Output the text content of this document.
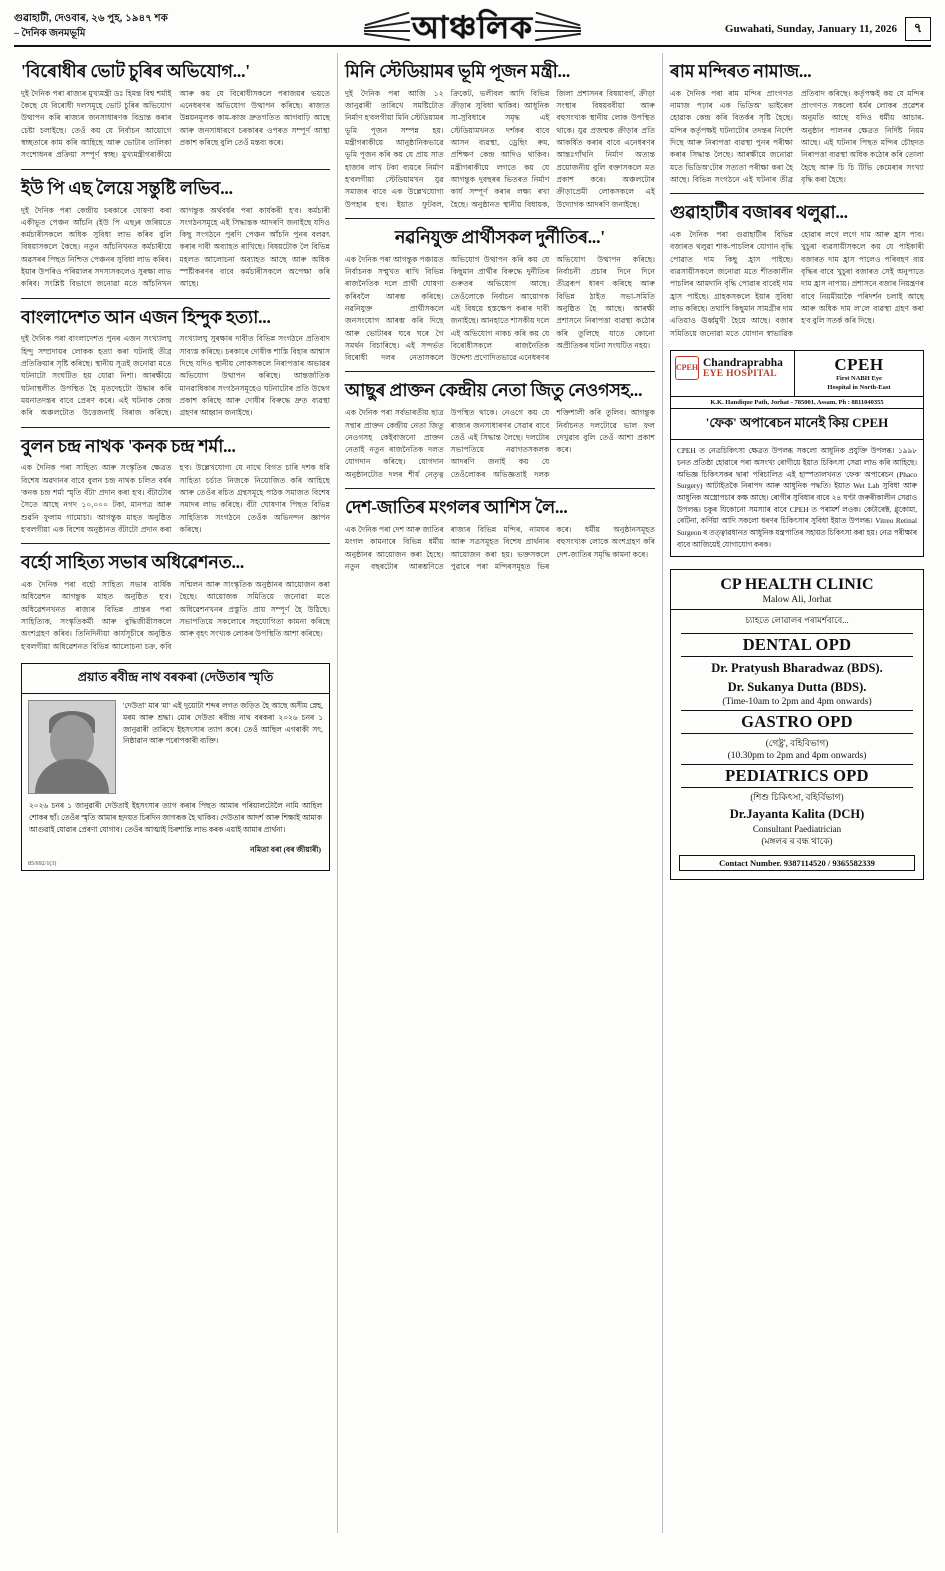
গুৱাহাটী, দেওবাৰ, ২৬ পুহ, ১৯৪৭ শক
– দৈনিক জনমভূমি	আঞ্চলিক	Guwahati, Sunday, January 11, 2026	৭
'বিৰোধীৰ ভোট চুৰিৰ অভিযোগ...'
দুই দৈনিক পৰা ৰাজ্যৰ মুখ্যমন্ত্ৰী ডঃ হিমন্ত বিশ্ব শৰ্মাই কৈছে যে বিৰোধী দলসমূহে ভোট চুৰিৰ অভিযোগ উত্থাপন কৰি ৰাজ্যৰ জনসাধাৰণক বিভ্ৰান্ত কৰাৰ চেষ্টা চলাইছে। তেওঁ কয় যে নিৰ্বাচন আয়োগে স্বচ্ছতাৰে কাম কৰি আহিছে আৰু ভোটাৰ তালিকা সংশোধনৰ প্ৰক্ৰিয়া সম্পূৰ্ণ স্বচ্ছ। মুখ্যমন্ত্ৰীগৰাকীয়ে আৰু কয় যে বিৰোধীসকলে পৰাজয়ৰ ভয়তে এনেধৰণৰ অভিযোগ উত্থাপন কৰিছে। ৰাজ্যত উন্নয়নমূলক কাম-কাজ দ্ৰুতগতিত আগবাঢ়ি আছে আৰু জনসাধাৰণে চৰকাৰৰ ওপৰত সম্পূৰ্ণ আস্থা প্ৰকাশ কৰিছে বুলি তেওঁ মন্তব্য কৰে।
ইউ পি এছ লৈয়ে সন্তুষ্টি লভিব...
দুই দৈনিক পৰা কেন্দ্ৰীয় চৰকাৰে ঘোষণা কৰা একীভূত পেঞ্চন আঁচনি (ইউ পি এছ)ৰ জৰিয়তে কৰ্মচাৰীসকলে অধিক সুবিধা লাভ কৰিব বুলি বিষয়াসকলে কৈছে। নতুন আঁচনিখনত কৰ্মচাৰীয়ে অৱসৰৰ পিছত নিশ্চিত পেঞ্চনৰ সুবিধা লাভ কৰিব। ইয়াৰ উপৰিও পৰিয়ালৰ সদস্যসকলেও সুৰক্ষা লাভ কৰিব। সংশ্লিষ্ট বিভাগে জনোৱা মতে আঁচনিখন আগন্তুক অৰ্থবৰ্ষৰ পৰা কাৰ্যকৰী হ'ব। কৰ্মচাৰী সংগঠনসমূহে এই সিদ্ধান্তক আদৰণি জনাইছে যদিও কিছু সংগঠনে পুৰণি পেঞ্চন আঁচনি পুনৰ বলৱৎ কৰাৰ দাবী অব্যাহত ৰাখিছে। বিষয়টোক লৈ বিভিন্ন মহলত আলোচনা অব্যাহত আছে আৰু অধিক স্পষ্টীকৰণৰ বাবে কৰ্মচাৰীসকলে অপেক্ষা কৰি আছে।
বাংলাদেশত আন এজন হিন্দুক হত্যা...
দুই দৈনিক পৰা বাংলাদেশত পুনৰ এজন সংখ্যালঘু হিন্দু সম্প্ৰদায়ৰ লোকক হত্যা কৰা ঘটনাই তীব্ৰ প্ৰতিক্ৰিয়াৰ সৃষ্টি কৰিছে। স্থানীয় সূত্ৰই জনোৱা মতে ঘটনাটো সংঘটিত হয় যোৱা নিশা। আৰক্ষীয়ে ঘটনাস্থলীত উপস্থিত হৈ মৃতদেহটো উদ্ধাৰ কৰি ময়নাতদন্তৰ বাবে প্ৰেৰণ কৰে। এই ঘটনাক কেন্দ্ৰ কৰি অঞ্চলটোত উত্তেজনাই বিৰাজ কৰিছে। সংখ্যালঘু সুৰক্ষাৰ দাবীত বিভিন্ন সংগঠনে প্ৰতিবাদ সাব্যস্ত কৰিছে। চৰকাৰে দোষীক শাস্তি বিহাৰ আশ্বাস দিছে যদিও স্থানীয় লোকসকলে নিৰাপত্তাৰ অভাৱৰ অভিযোগ উত্থাপন কৰিছে। আন্তৰ্জাতিক মানৱাধিকাৰ সংগঠনসমূহেও ঘটনাটোৰ প্ৰতি উদ্বেগ প্ৰকাশ কৰিছে আৰু দোষীৰ বিৰুদ্ধে দ্ৰুত ব্যৱস্থা গ্ৰহণৰ আহ্বান জনাইছে।
বুলন চন্দ্ৰ নাথক 'কনক চন্দ্ৰ শৰ্মা...
এক দৈনিক পৰা সাহিত্য আৰু সংস্কৃতিৰ ক্ষেত্ৰত বিশেষ অৱদানৰ বাবে বুলন চন্দ্ৰ নাথক চলিত বৰ্ষৰ 'কনক চন্দ্ৰ শৰ্মা স্মৃতি বঁটা' প্ৰদান কৰা হ'ব। বঁটাটোৰ সৈতে আছে নগদ ১০,০০০ টকা, মানপত্ৰ আৰু শুৱনি ফুলাম গামোচা। আগন্তুক মাহত অনুষ্ঠিত হ'বলগীয়া এক বিশেষ অনুষ্ঠানত বঁটাটো প্ৰদান কৰা হ'ব। উল্লেখযোগ্য যে নাথে বিগত চাৰি দশক ধৰি সাহিত্য চৰ্চাত নিজকে নিয়োজিত কৰি আহিছে আৰু তেওঁৰ ৰচিত গ্ৰন্থসমূহে পাঠক সমাজত বিশেষ সমাদৰ লাভ কৰিছে। বঁটা ঘোষণাৰ পিছত বিভিন্ন সাহিত্যিক সংগঠনে তেওঁক অভিনন্দন জ্ঞাপন কৰিছে।
বৰ্হো সাহিত্য সভাৰ অধিৱেশনত...
এক দৈনিক পৰা বৰ্হো সাহিত্য সভাৰ বাৰ্ষিক অধিৱেশন আগন্তুক মাহত অনুষ্ঠিত হ'ব। অধিৱেশনখনত ৰাজ্যৰ বিভিন্ন প্ৰান্তৰ পৰা সাহিত্যিক, সংস্কৃতিকৰ্মী আৰু বুদ্ধিজীৱীসকলে অংশগ্ৰহণ কৰিব। তিনিদিনীয়া কাৰ্যসূচীৰে অনুষ্ঠিত হ'বলগীয়া অধিৱেশনত বিভিন্ন আলোচনা চক্ৰ, কবি সন্মিলন আৰু সাংস্কৃতিক অনুষ্ঠানৰ আয়োজন কৰা হৈছে। আয়োজক সমিতিয়ে জনোৱা মতে অধিৱেশনখনৰ প্ৰস্তুতি প্ৰায় সম্পূৰ্ণ হৈ উঠিছে। সভাপতিয়ে সকলোৰে সহযোগিতা কামনা কৰিছে আৰু বৃহৎ সংখ্যক লোকৰ উপস্থিতি আশা কৰিছে।
প্ৰয়াত ৰবীন্দ্ৰ নাথ বৰকৰা (দেউতাৰ স্মৃতি
'দেউতা' মাৰ 'মা' এই দুয়োটা শব্দৰ লগত জড়িত হৈ আছে অসীম স্নেহ, মৰম আৰু শ্ৰদ্ধা। মোৰ দেউতা ৰবীন্দ্ৰ নাথ বৰকৰা ২০২৬ চনৰ ১ জানুৱাৰী তাৰিখে ইহসংসাৰ ত্যাগ কৰে। তেওঁ আছিল এগৰাকী সৎ, নিষ্ঠাৱান আৰু পৰোপকাৰী ব্যক্তি।
২০২৬ চনৰ ১ জানুৱাৰী দেউতাই ইহসংসাৰ ত্যাগ কৰাৰ পিছত আমাৰ পৰিয়ালটোলৈ নামি আহিল শোকৰ ছাঁ। তেওঁৰ স্মৃতি আমাৰ হৃদয়ত চিৰদিন জাগৰূক হৈ থাকিব। দেউতাৰ আদৰ্শ আৰু শিক্ষাই আমাক আগুৱাই যোৱাৰ প্ৰেৰণা যোগাব। তেওঁৰ আত্মাই চিৰশান্তি লাভ কৰক এয়াই আমাৰ প্ৰাৰ্থনা।
নমিতা বৰা (বৰ জীয়াৰী)
85/692/1(3)
মিনি স্টেডিয়ামৰ ভূমি পূজন মন্ত্ৰী...
দুই দৈনিক পৰা আজি ১২ জানুৱাৰী তাৰিখে সমষ্টিটোত নিৰ্মাণ হ'বলগীয়া মিনি স্টেডিয়ামৰ ভূমি পূজন সম্পন্ন হয়। মন্ত্ৰীগৰাকীয়ে আনুষ্ঠানিকভাৱে ভূমি পূজন কৰি কয় যে প্ৰায় সাত হাজাৰ লাখ টকা ব্যয়ৰে নিৰ্মাণ হ'বলগীয়া স্টেডিয়ামখন যুৱ সমাজৰ বাবে এক উল্লেখযোগ্য উপহাৰ হ'ব। ইয়াত ফুটবল, ক্ৰিকেট, ভলীবল আদি বিভিন্ন ক্ৰীড়াৰ সুবিধা থাকিব। আধুনিক সা-সুবিধাৰে সমৃদ্ধ এই স্টেডিয়ামখনত দৰ্শকৰ বাবে আসন ব্যৱস্থা, ড্ৰেছিং ৰুম, প্ৰশিক্ষণ কেন্দ্ৰ আদিও থাকিব। মন্ত্ৰীগৰাকীয়ে লগতে কয় যে আগন্তুক দুবছৰৰ ভিতৰত নিৰ্মাণ কাৰ্য সম্পূৰ্ণ কৰাৰ লক্ষ্য ৰখা হৈছে। অনুষ্ঠানত স্থানীয় বিধায়ক, জিলা প্ৰশাসনৰ বিষয়াবৰ্গ, ক্ৰীড়া সংস্থাৰ বিষয়ববীয়া আৰু বহুসংখ্যক স্থানীয় লোক উপস্থিত থাকে। যুৱ প্ৰজন্মক ক্ৰীড়াৰ প্ৰতি আকৰ্ষিত কৰাৰ বাবে এনেধৰণৰ আন্তঃগাঁথনি নিৰ্মাণ অত্যন্ত প্ৰয়োজনীয় বুলি বক্তাসকলে মত প্ৰকাশ কৰে। অঞ্চলটোৰ ক্ৰীড়াপ্ৰেমী লোকসকলে এই উদ্যোগক আদৰণি জনাইছে।
নৱনিযুক্ত প্ৰাৰ্থীসকল দুৰ্নীতিৰ...'
এক দৈনিক পৰা আগন্তুক পঞ্চায়ত নিৰ্বাচনক সন্মুখত ৰাখি বিভিন্ন ৰাজনৈতিক দলে প্ৰাৰ্থী ঘোষণা কৰিবলৈ আৰম্ভ কৰিছে। নৱনিযুক্ত প্ৰাৰ্থীসকলে জনসংযোগ আৰম্ভ কৰি দিছে আৰু ভোটাৰৰ ঘৰে ঘৰে গৈ সমৰ্থন বিচাৰিছে। এই সন্দৰ্ভত বিৰোধী দলৰ নেতাসকলে অভিযোগ উত্থাপন কৰি কয় যে কিছুমান প্ৰাৰ্থীৰ বিৰুদ্ধে দুৰ্নীতিৰ গুৰুতৰ অভিযোগ আছে। তেওঁলোকে নিৰ্বাচন আয়োগক এই বিষয়ে হস্তক্ষেপ কৰাৰ দাবী জনাইছে। আনহাতে শাসকীয় দলে এই অভিযোগ নাকচ কৰি কয় যে বিৰোধীসকলে ৰাজনৈতিক উদ্দেশ্য প্ৰণোদিতভাৱে এনেধৰণৰ অভিযোগ উত্থাপন কৰিছে। নিৰ্বাচনী প্ৰচাৰ দিনে দিনে তীব্ৰৰূপ ধাৰণ কৰিছে আৰু বিভিন্ন ঠাইত সভা-সমিতি অনুষ্ঠিত হৈ আছে। আৰক্ষী প্ৰশাসনে নিৰাপত্তা ব্যৱস্থা কঠোৰ কৰি তুলিছে যাতে কোনো অপ্ৰীতিকৰ ঘটনা সংঘটিত নহয়।
আছুৰ প্ৰাক্তন কেন্দ্ৰীয় নেতা জিতু নেওগসহ...
এক দৈনিক পৰা সৰ্বভাৰতীয় ছাত্ৰ সন্থাৰ প্ৰাক্তন কেন্দ্ৰীয় নেতা জিতু নেওগসহ কেইবাজনো প্ৰাক্তন নেতাই নতুন ৰাজনৈতিক দলত যোগদান কৰিছে। যোগদান অনুষ্ঠানটোত দলৰ শীৰ্ষ নেতৃত্ব উপস্থিত থাকে। নেওগে কয় যে ৰাজ্যৰ জনসাধাৰণৰ সেৱাৰ বাবে তেওঁ এই সিদ্ধান্ত লৈছে। দলটোৰ সভাপতিয়ে নৱাগতসকলক আদৰণি জনাই কয় যে তেওঁলোকৰ অভিজ্ঞতাই দলক শক্তিশালী কৰি তুলিব। আগন্তুক নিৰ্বাচনত দলটোৱে ভাল ফল দেখুৱাব বুলি তেওঁ আশা প্ৰকাশ কৰে।
দেশ-জাতিৰ মংগলৰ আশিস লৈ...
এক দৈনিক পৰা দেশ আৰু জাতিৰ মংগল কামনাৰে বিভিন্ন ধৰ্মীয় অনুষ্ঠানৰ আয়োজন কৰা হৈছে। নতুন বছৰটোৰ আৰম্ভণিতে ৰাজ্যৰ বিভিন্ন মন্দিৰ, নামঘৰ আৰু সত্ৰসমূহত বিশেষ প্ৰাৰ্থনাৰ আয়োজন কৰা হয়। ভক্তসকলে পুৱাৰে পৰা মন্দিৰসমূহত ভিৰ কৰে। ধৰ্মীয় অনুষ্ঠানসমূহত বহুসংখ্যক লোকে অংশগ্ৰহণ কৰি দেশ-জাতিৰ সমৃদ্ধি কামনা কৰে।
ৰাম মন্দিৰত নামাজ...
এক দৈনিক পৰা ৰাম মন্দিৰ প্ৰাংগণত নামাজ পঢ়াৰ এক ভিডিঅ' ভাইৰেল হোৱাক কেন্দ্ৰ কৰি বিতৰ্কৰ সৃষ্টি হৈছে। মন্দিৰ কৰ্তৃপক্ষই ঘটনাটোৰ তদন্তৰ নিৰ্দেশ দিছে আৰু নিৰাপত্তা ব্যৱস্থা পুনৰ পৰীক্ষা কৰাৰ সিদ্ধান্ত লৈছে। আৰক্ষীয়ে জনোৱা মতে ভিডিঅ'টোৰ সত্যতা পৰীক্ষা কৰা হৈ আছে। বিভিন্ন সংগঠনে এই ঘটনাৰ তীব্ৰ প্ৰতিবাদ কৰিছে। কৰ্তৃপক্ষই কয় যে মন্দিৰ প্ৰাংগণত সকলো ধৰ্মৰ লোকৰ প্ৰৱেশৰ অনুমতি আছে যদিও ধৰ্মীয় আচাৰ-অনুষ্ঠান পালনৰ ক্ষেত্ৰত নিৰ্দিষ্ট নিয়ম আছে। এই ঘটনাৰ পিছত মন্দিৰ চৌহদত নিৰাপত্তা ব্যৱস্থা অধিক কঠোৰ কৰি তোলা হৈছে আৰু চি চি টিভি কেমেৰাৰ সংখ্যা বৃদ্ধি কৰা হৈছে।
গুৱাহাটীৰ বজাৰৰ থলুৱা...
এক দৈনিক পৰা গুৱাহাটীৰ বিভিন্ন বজাৰত থলুৱা শাক-পাচলিৰ যোগান বৃদ্ধি পোৱাত দাম কিছু হ্ৰাস পাইছে। ব্যৱসায়ীসকলে জনোৱা মতে শীতকালীন পাচলিৰ আমদানি বৃদ্ধি পোৱাৰ বাবেই দাম হ্ৰাস পাইছে। গ্ৰাহকসকলে ইয়াৰ সুবিধা লাভ কৰিছে। তথাপি কিছুমান সামগ্ৰীৰ দাম এতিয়াও ঊৰ্ধ্বমুখী হৈয়ে আছে। বজাৰ সমিতিয়ে জনোৱা মতে যোগান স্বাভাৱিক হোৱাৰ লগে লগে দাম আৰু হ্ৰাস পাব। খুচুৰা ব্যৱসায়ীসকলে কয় যে পাইকাৰী বজাৰত দাম হ্ৰাস পালেও পৰিবহণ ব্যয় বৃদ্ধিৰ বাবে খুচুৰা বজাৰত সেই অনুপাতে দাম হ্ৰাস নাপায়। প্ৰশাসনে বজাৰ নিয়ন্ত্ৰণৰ বাবে নিয়মীয়াকৈ পৰিদৰ্শন চলাই আছে আৰু অধিক দাম ল'লে ব্যৱস্থা গ্ৰহণ কৰা হ'ব বুলি সতৰ্ক কৰি দিছে।
CPEH Chandraprabha
EYE HOSPITAL	CPEH
First NABH Eye
Hospital in North-East
K.K. Handique Path, Jorhat - 785001, Assam, Ph : 8811040355
'ফেক' অপাৰেচন মানেই কিয় CPEH
CPEH ত নেত্ৰচিকিৎসা ক্ষেত্ৰত উপলব্ধ সকলো আধুনিক প্ৰযুক্তি উপলব্ধ। ১৯৯৮ চনত প্ৰতিষ্ঠা হোৱাৰে পৰা অসংখ্য ৰোগীয়ে ইয়াত চিকিৎসা সেৱা লাভ কৰি আহিছে। অভিজ্ঞ চিকিৎসকৰ দ্বাৰা পৰিচালিত এই হাস্পতালখনত 'ফেক' অপাৰেচন (Phaco Surgery) আটাইতকৈ নিৰাপদ আৰু আধুনিক পদ্ধতি। ইয়াত Wet Lab সুবিধা আৰু আধুনিক অস্ত্ৰোপচাৰ কক্ষ আছে। ৰোগীৰ সুবিধাৰ বাবে ২৪ ঘণ্টা জৰুৰীকালীন সেৱাও উপলব্ধ। চকুৰ যিকোনো সমস্যাৰ বাবে CPEH ত পৰামৰ্শ লওক। কেটাৰেক্ট, গ্লুকোমা, ৰেটিনা, কৰ্ণিয়া আদি সকলো ধৰণৰ চিকিৎসাৰ সুবিধা ইয়াত উপলব্ধ। Vitreo Retinal Surgeon ৰ তত্ত্বাৱধানত আধুনিক যন্ত্ৰপাতিৰ সহায়ত চিকিৎসা কৰা হয়। নেত্ৰ পৰীক্ষাৰ বাবে আজিয়েই যোগাযোগ কৰক।
CP HEALTH CLINIC
Malow Ali, Jorhat
চ্যাহতে লোৱালৰ পৰামৰ্শবাবে...
DENTAL OPD
Dr. Pratyush Bharadwaz (BDS).
Dr. Sukanya Dutta (BDS).
(Time-10am to 2pm and 4pm onwards)
GASTRO OPD
(গেষ্ট্ৰ', বহিবিভাগ)
(10.30pm to 2pm and 4pm onwards)
PEDIATRICS OPD
(শিশু চিকিৎসা, বহিৰ্বিভাগ)
Dr.Jayanta Kalita (DCH)
Consultant Paediatrician
(মঙ্গলৰ ৰ বন্ধ থাকে)
Contact Number. 9387114520 / 9365582339
